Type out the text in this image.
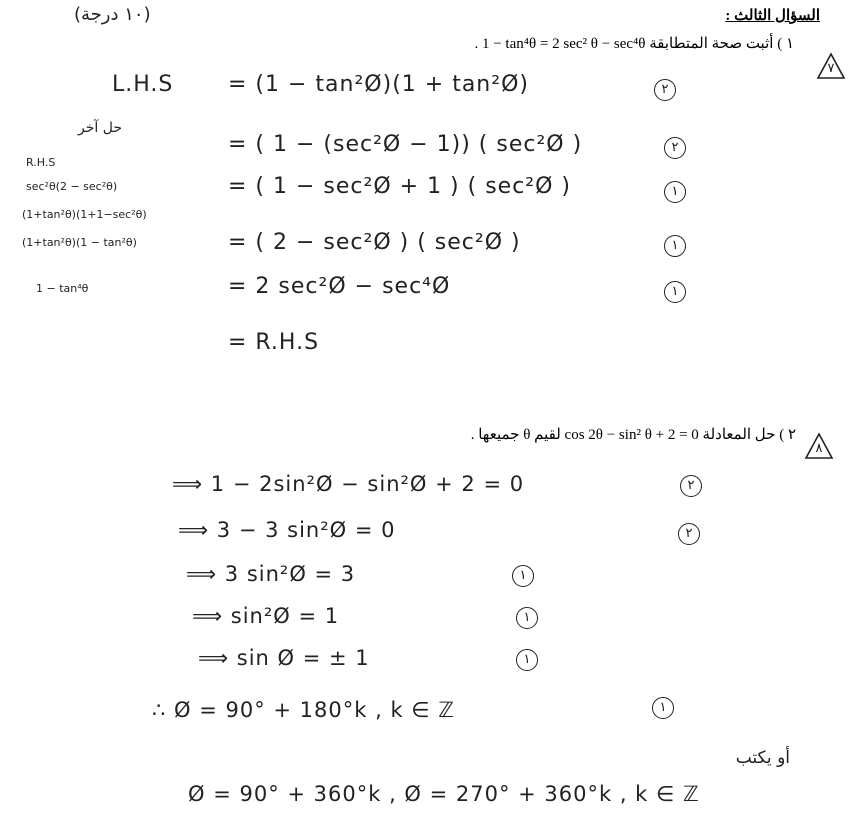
السؤال الثالث :
(١٠ درجة)
١ ) أثبت صحة المتطابقة . 1 − tan⁴θ = 2 sec² θ − sec⁴θ
٧
L.H.S = (1 − tan²Ø)(1 + tan²Ø)	٢
= ( 1 − (sec²Ø − 1)) ( sec²Ø )	٢
= ( 1 − sec²Ø + 1 ) ( sec²Ø )	١
= ( 2 − sec²Ø ) ( sec²Ø )	١
= 2 sec²Ø − sec⁴Ø	١
= R.H.S
حل آخر
R.H.S
sec²θ(2 − sec²θ)
(1+tan²θ)(1+1−sec²θ)
(1+tan²θ)(1 − tan²θ)
1 − tan⁴θ
٢ ) حل المعادلة cos 2θ − sin² θ + 2 = 0 لقيم θ جميعها .
٨
⟹ 1 − 2sin²Ø − sin²Ø + 2 = 0	٢
⟹ 3 − 3 sin²Ø = 0	٢
⟹ 3 sin²Ø = 3	١
⟹ sin²Ø = 1	١
⟹ sin Ø = ± 1	١
∴ Ø = 90° + 180°k , k ∈ ℤ	١
أو يكتب
Ø = 90° + 360°k , Ø = 270° + 360°k , k ∈ ℤ
